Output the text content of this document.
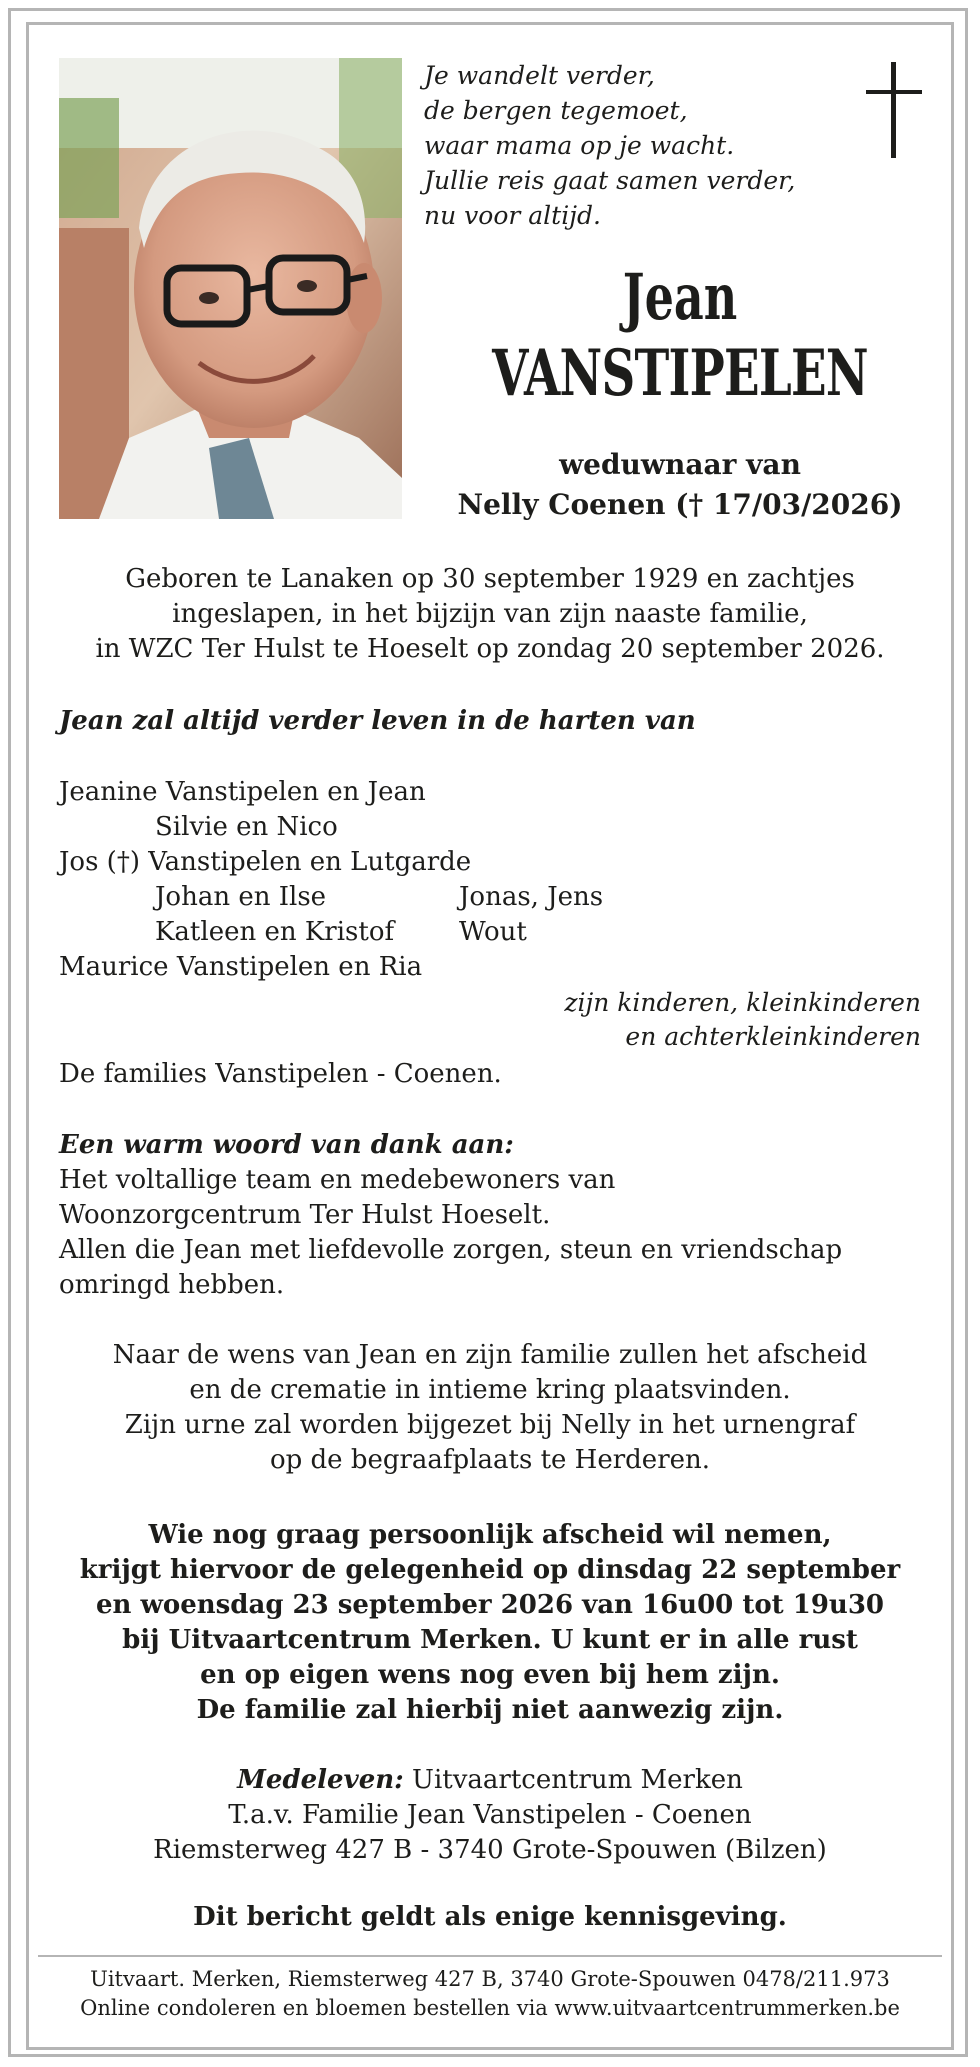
Je wandelt verder,
de bergen tegemoet,
waar mama op je wacht.
Jullie reis gaat samen verder,
nu voor altijd.
Jean
VANSTIPELEN
weduwnaar van
Nelly Coenen († 17/03/2026)
Geboren te Lanaken op 30 september 1929 en zachtjes
ingeslapen, in het bijzijn van zijn naaste familie,
in WZC Ter Hulst te Hoeselt op zondag 20 september 2026.
Jean zal altijd verder leven in de harten van
Jeanine Vanstipelen en Jean
Silvie en Nico
Jos (†) Vanstipelen en Lutgarde
Johan en Ilse	Jonas, Jens
Katleen en Kristof Wout
Maurice Vanstipelen en Ria
zijn kinderen, kleinkinderen
en achterkleinkinderen
De families Vanstipelen - Coenen.
Een warm woord van dank aan:
Het voltallige team en medebewoners van
Woonzorgcentrum Ter Hulst Hoeselt.
Allen die Jean met liefdevolle zorgen, steun en vriendschap
omringd hebben.
Naar de wens van Jean en zijn familie zullen het afscheid
en de crematie in intieme kring plaatsvinden.
Zijn urne zal worden bijgezet bij Nelly in het urnengraf
op de begraafplaats te Herderen.
Wie nog graag persoonlijk afscheid wil nemen,
krijgt hiervoor de gelegenheid op dinsdag 22 september
en woensdag 23 september 2026 van 16u00 tot 19u30
bij Uitvaartcentrum Merken. U kunt er in alle rust
en op eigen wens nog even bij hem zijn.
De familie zal hierbij niet aanwezig zijn.
Medeleven: Uitvaartcentrum Merken
T.a.v. Familie Jean Vanstipelen - Coenen
Riemsterweg 427 B - 3740 Grote-Spouwen (Bilzen)
Dit bericht geldt als enige kennisgeving.
Uitvaart. Merken, Riemsterweg 427 B, 3740 Grote-Spouwen 0478/211.973
Online condoleren en bloemen bestellen via www.uitvaartcentrummerken.be
